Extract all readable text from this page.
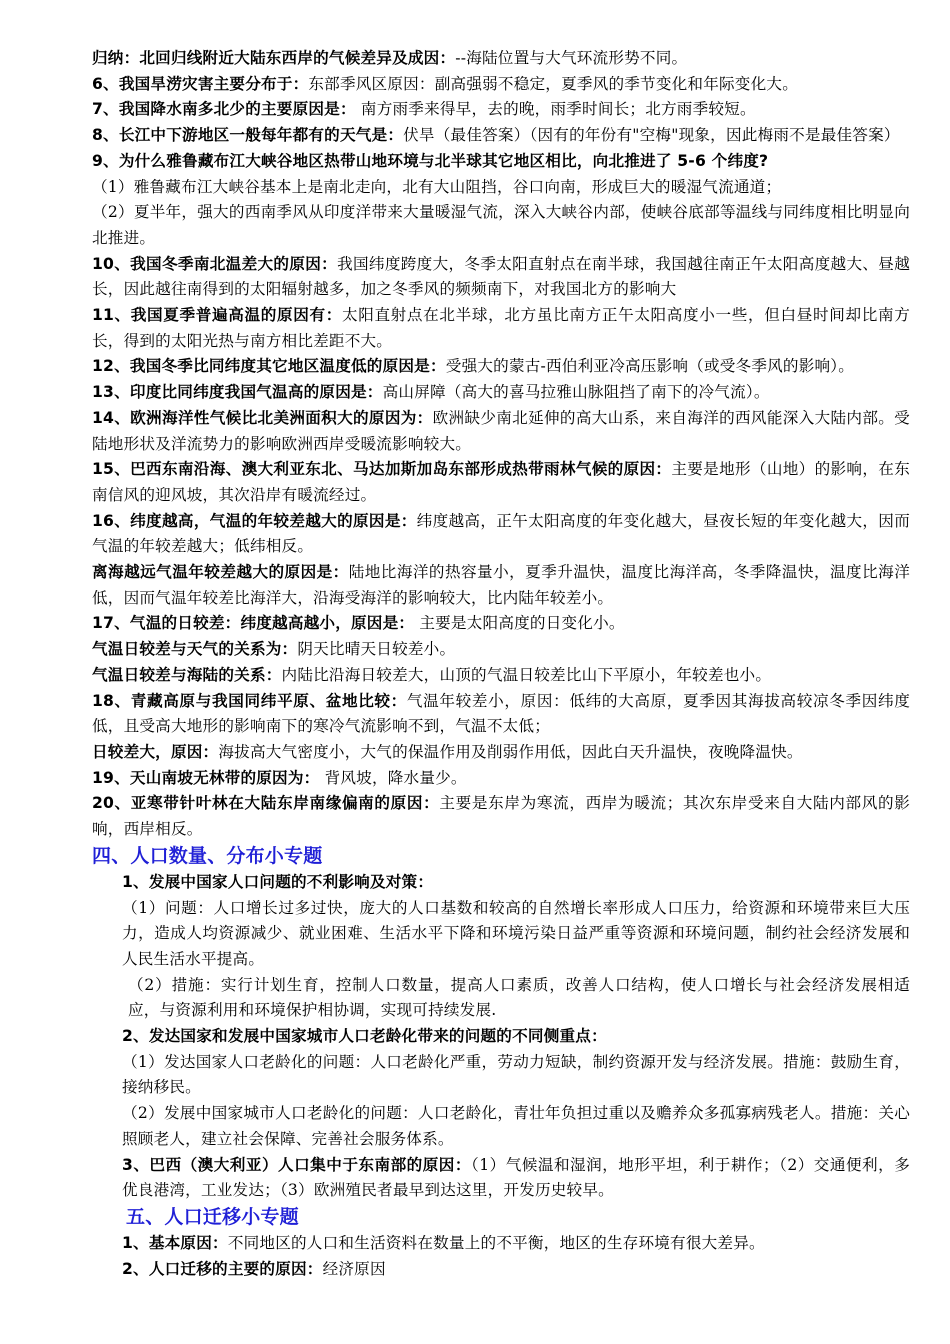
归纳：北回归线附近大陆东西岸的气候差异及成因：--海陆位置与大气环流形势不同。

6、我国旱涝灾害主要分布于：东部季风区原因：副高强弱不稳定，夏季风的季节变化和年际变化大。

7、我国降水南多北少的主要原因是： 南方雨季来得早，去的晚，雨季时间长；北方雨季较短。

8、长江中下游地区一般每年都有的天气是：伏旱（最佳答案）（因有的年份有"空梅"现象，因此梅雨不是最佳答案）

9、为什么雅鲁藏布江大峡谷地区热带山地环境与北半球其它地区相比，向北推进了 5-6 个纬度?

（1）雅鲁藏布江大峡谷基本上是南北走向，北有大山阻挡，谷口向南，形成巨大的暖湿气流通道；

（2）夏半年，强大的西南季风从印度洋带来大量暖湿气流，深入大峡谷内部，使峡谷底部等温线与同纬度相比明显向北推进。

10、我国冬季南北温差大的原因：我国纬度跨度大，冬季太阳直射点在南半球，我国越往南正午太阳高度越大、昼越长，因此越往南得到的太阳辐射越多，加之冬季风的频频南下，对我国北方的影响大

11、我国夏季普遍高温的原因有：太阳直射点在北半球，北方虽比南方正午太阳高度小一些，但白昼时间却比南方长，得到的太阳光热与南方相比差距不大。

12、我国冬季比同纬度其它地区温度低的原因是：受强大的蒙古-西伯利亚冷高压影响（或受冬季风的影响）。

13、印度比同纬度我国气温高的原因是：高山屏障（高大的喜马拉雅山脉阻挡了南下的冷气流）。

14、欧洲海洋性气候比北美洲面积大的原因为：欧洲缺少南北延伸的高大山系，来自海洋的西风能深入大陆内部。受陆地形状及洋流势力的影响欧洲西岸受暖流影响较大。

15、巴西东南沿海、澳大利亚东北、马达加斯加岛东部形成热带雨林气候的原因：主要是地形（山地）的影响，在东南信风的迎风坡，其次沿岸有暖流经过。

16、纬度越高，气温的年较差越大的原因是：纬度越高，正午太阳高度的年变化越大，昼夜长短的年变化越大，因而气温的年较差越大；低纬相反。

离海越远气温年较差越大的原因是：陆地比海洋的热容量小，夏季升温快，温度比海洋高，冬季降温快，温度比海洋低，因而气温年较差比海洋大，沿海受海洋的影响较大，比内陆年较差小。

17、气温的日较差：纬度越高越小，原因是： 主要是太阳高度的日变化小。

气温日较差与天气的关系为：阴天比晴天日较差小。

气温日较差与海陆的关系：内陆比沿海日较差大，山顶的气温日较差比山下平原小，年较差也小。

18、青藏高原与我国同纬平原、盆地比较：气温年较差小，原因：低纬的大高原，夏季因其海拔高较凉冬季因纬度低，且受高大地形的影响南下的寒冷气流影响不到，气温不太低；

日较差大，原因：海拔高大气密度小，大气的保温作用及削弱作用低，因此白天升温快，夜晚降温快。

19、天山南坡无林带的原因为： 背风坡，降水量少。

20、亚寒带针叶林在大陆东岸南缘偏南的原因：主要是东岸为寒流，西岸为暖流；其次东岸受来自大陆内部风的影响，西岸相反。

四、人口数量、分布小专题

1、发展中国家人口问题的不利影响及对策：

（1）问题：人口增长过多过快，庞大的人口基数和较高的自然增长率形成人口压力，给资源和环境带来巨大压力，造成人均资源减少、就业困难、生活水平下降和环境污染日益严重等资源和环境问题，制约社会经济发展和人民生活水平提高。

（2）措施：实行计划生育，控制人口数量，提高人口素质，改善人口结构，使人口增长与社会经济发展相适应，与资源利用和环境保护相协调，实现可持续发展.

2、发达国家和发展中国家城市人口老龄化带来的问题的不同侧重点：

（1）发达国家人口老龄化的问题：人口老龄化严重，劳动力短缺，制约资源开发与经济发展。措施：鼓励生育，接纳移民。

（2）发展中国家城市人口老龄化的问题：人口老龄化，青壮年负担过重以及赡养众多孤寡病残老人。措施：关心照顾老人，建立社会保障、完善社会服务体系。

3、巴西（澳大利亚）人口集中于东南部的原因：（1）气候温和湿润，地形平坦，利于耕作；（2）交通便利，多优良港湾，工业发达；（3）欧洲殖民者最早到达这里，开发历史较早。

五、人口迁移小专题

1、基本原因：不同地区的人口和生活资料在数量上的不平衡，地区的生存环境有很大差异。

2、人口迁移的主要的原因：经济原因
